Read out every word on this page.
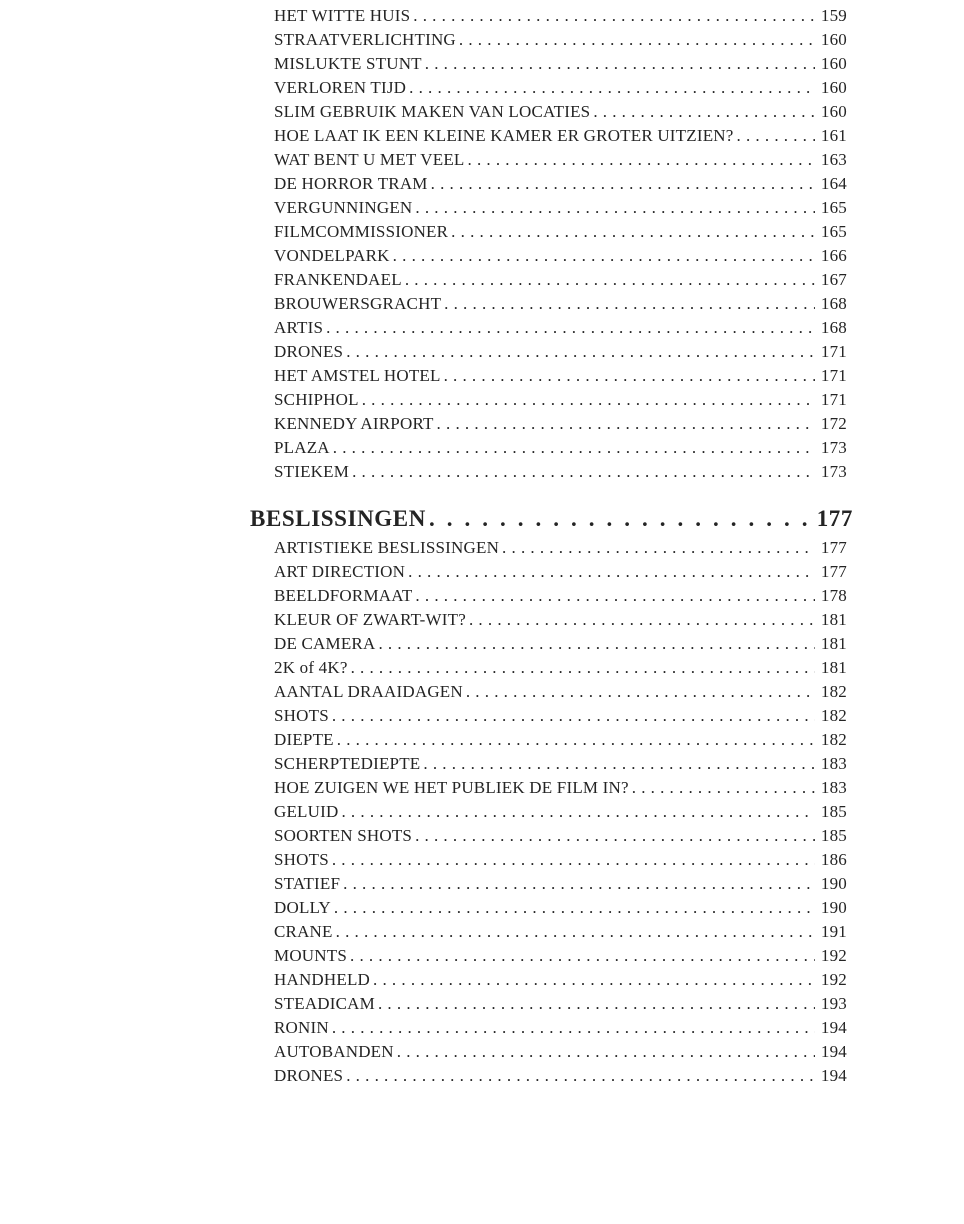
HET WITTE HUIS .....	159
STRAATVERLICHTING .....	160
MISLUKTE STUNT .....	160
VERLOREN TIJD .....	160
SLIM GEBRUIK MAKEN VAN LOCATIES .....	160
HOE LAAT IK EEN KLEINE KAMER ER GROTER UITZIEN? .....	161
WAT BENT U MET VEEL .....	163
DE HORROR TRAM .....	164
VERGUNNINGEN .....	165
FILMCOMMISSIONER .....	165
VONDELPARK .....	166
FRANKENDAEL .....	167
BROUWERSGRACHT .....	168
ARTIS .....	168
DRONES .....	171
HET AMSTEL HOTEL .....	171
SCHIPHOL .....	171
KENNEDY AIRPORT .....	172
PLAZA .....	173
STIEKEM .....	173
BESLISSINGEN .....	177
ARTISTIEKE BESLISSINGEN .....	177
ART DIRECTION .....	177
BEELDFORMAAT .....	178
KLEUR OF ZWART-WIT? .....	181
DE CAMERA .....	181
2K of 4K? .....	181
AANTAL DRAAIDAGEN .....	182
SHOTS .....	182
DIEPTE .....	182
SCHERPTEDIEPTE .....	183
HOE ZUIGEN WE HET PUBLIEK DE FILM IN? .....	183
GELUID .....	185
SOORTEN SHOTS .....	185
SHOTS .....	186
STATIEF .....	190
DOLLY .....	190
CRANE .....	191
MOUNTS .....	192
HANDHELD .....	192
STEADICAM .....	193
RONIN .....	194
AUTOBANDEN .....	194
DRONES .....	194
